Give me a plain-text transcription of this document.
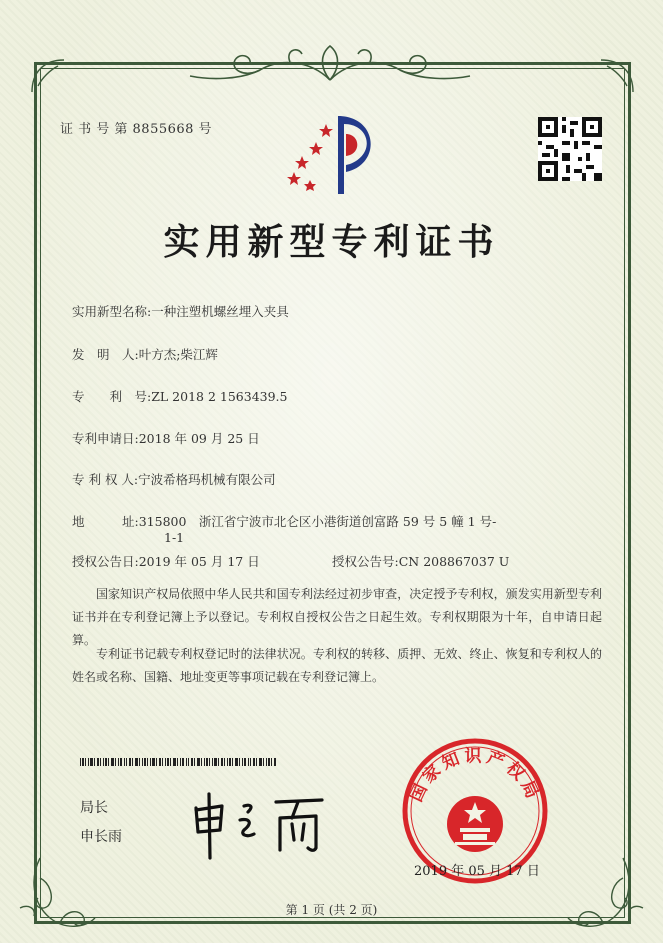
证 书 号 第 8855668 号
实用新型专利证书
实用新型名称:一种注塑机螺丝埋入夹具
发　明　人:叶方杰;柴江辉
专　　利　号:ZL 2018 2 1563439.5
专利申请日:2018 年 09 月 25 日
专 利 权 人:宁波希格玛机械有限公司
地　　　址:315800　浙江省宁波市北仑区小港街道创富路 59 号 5 幢 1 号-
1-1
授权公告日:2019 年 05 月 17 日	授权公告号:CN 208867037 U
国家知识产权局依照中华人民共和国专利法经过初步审查，决定授予专利权，颁发实用新型专利证书并在专利登记簿上予以登记。专利权自授权公告之日起生效。专利权期限为十年，自申请日起算。
专利证书记载专利权登记时的法律状况。专利权的转移、质押、无效、终止、恢复和专利权人的姓名或名称、国籍、地址变更等事项记载在专利登记簿上。
局长
申长雨
国家知识产权局
2019 年 05 月 17 日
第 1 页 (共 2 页)
